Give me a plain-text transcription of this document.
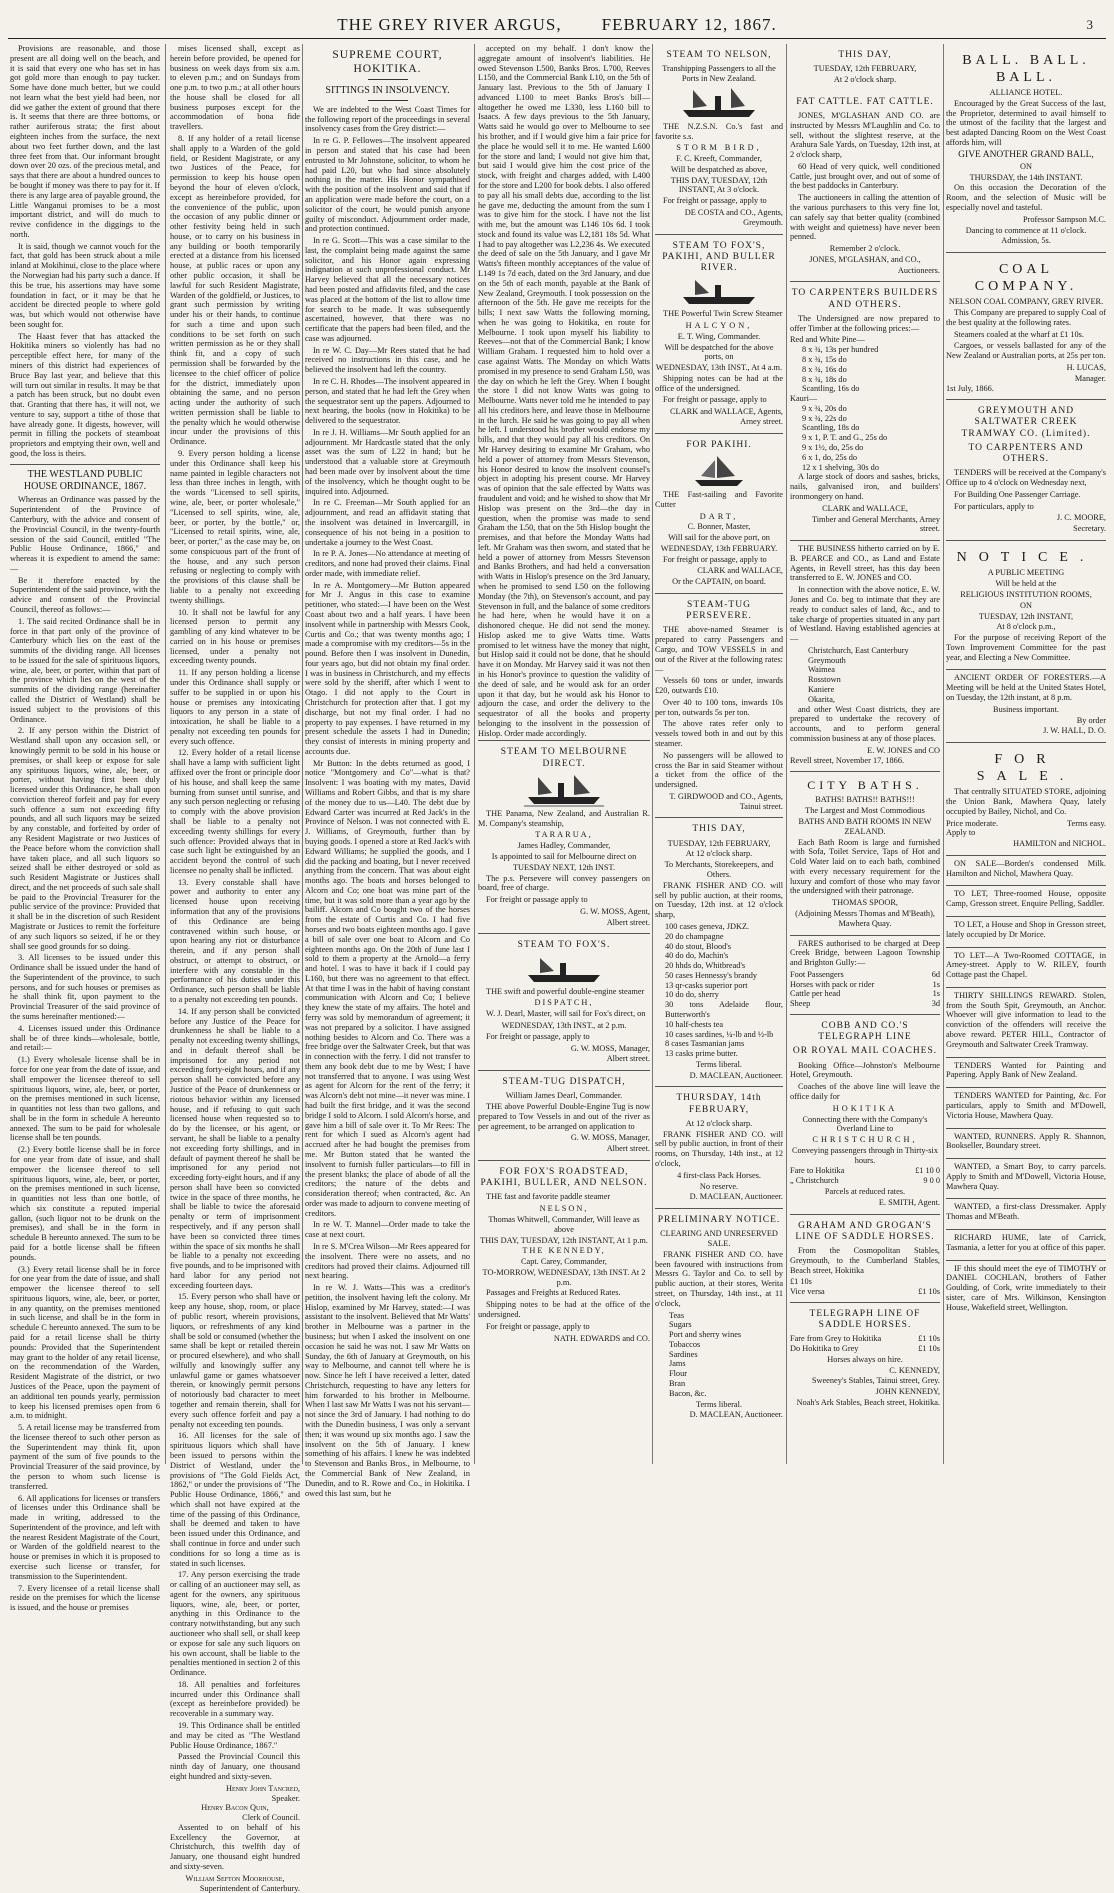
THE GREY RIVER ARGUS, FEBRUARY 12, 1867.	3

Provisions are reasonable, and those present are all doing well on the beach, and it is said that every one who has set in has got gold more than enough to pay tucker. Some have done much better, but we could not learn what the best yield had been, nor did we gather the extent of ground that there is. It seems that there are three bottoms, or rather auriferous strata; the first about eighteen inches from the surface, the next about two feet further down, and the last three feet from that. Our informant brought down over 20 ozs. of the precious metal, and says that there are about a hundred ounces to be bought if money was there to pay for it. If there is any large area of payable ground, the Little Wanganui promises to be a most important district, and will do much to revive confidence in the diggings to the north.

It is said, though we cannot vouch for the fact, that gold has been struck about a mile inland at Mokihinui, close to the place where the Norwegian had his party such a dance. If this be true, his assertions may have some foundation in fact, or it may be that he accident be directed people to where gold was, but which would not otherwise have been sought for.

The Haast fever that has attacked the Hokitika miners so violently has had no perceptible effect here, for many of the miners of this district had experiences of Bruce Bay last year, and believe that this will turn out similar in results. It may be that a patch has been struck, but no doubt even that. Granting that there has, it will not, we venture to say, support a tithe of those that have already gone. It digests, however, will permit in filling the pockets of steamboat proprietors and emptying their own, well and good, the loss is theirs.

THE WESTLAND PUBLIC HOUSE ORDINANCE, 1867.

Whereas an Ordinance was passed by the Superintendent of the Province of Canterbury, with the advice and consent of the Provincial Council, in the twenty-fourth session of the said Council, entitled "The Public House Ordinance, 1866," and whereas it is expedient to amend the same:—

Be it therefore enacted by the Superintendent of the said province, with the advice and consent of the Provincial Council, thereof as follows:—

1. The said recited Ordinance shall be in force in that part only of the province of Canterbury which lies on the east of the summits of the dividing range. All licenses to be issued for the sale of spirituous liquors, wine, ale, beer, or porter, within that part of the province which lies on the west of the summits of the dividing range (hereinafter called the District of Westland) shall be issued subject to the provisions of this Ordinance.

2. If any person within the District of Westland shall upon any occasion sell, or knowingly permit to be sold in his house or premises, or shall keep or expose for sale any spirituous liquors, wine, ale, beer, or porter, without having first been duly licensed under this Ordinance, he shall upon conviction thereof forfeit and pay for every such offence a sum not exceeding fifty pounds, and all such liquors may be seized by any constable, and forfeited by order of any Resident Magistrate or two Justices of the Peace before whom the conviction shall have taken place, and all such liquors so seized shall be either destroyed or sold as such Resident Magistrate or Justices shall direct, and the net proceeds of such sale shall be paid to the Provincial Treasurer for the public service of the province: Provided that it shall be in the discretion of such Resident Magistrate or Justices to remit the forfeiture of any such liquors so seized, if he or they shall see good grounds for so doing.

3. All licenses to be issued under this Ordinance shall be issued under the hand of the Superintendent of the province, to such persons, and for such houses or premises as he shall think fit, upon payment to the Provincial Treasurer of the said province of the sums hereinafter mentioned:—

4. Licenses issued under this Ordinance shall be of three kinds—wholesale, bottle, and retail:—

(1.) Every wholesale license shall be in force for one year from the date of issue, and shall empower the licensee thereof to sell spirituous liquors, wine, ale, beer, or porter, on the premises mentioned in such license, in quantities not less than two gallons, and shall be in the form in schedule A hereunto annexed. The sum to be paid for wholesale license shall be ten pounds.

(2.) Every bottle license shall be in force for one year from date of issue, and shall empower the licensee thereof to sell spirituous liquors, wine, ale, beer, or porter, on the premises mentioned in such license, in quantities not less than one bottle, of which six constitute a reputed imperial gallon, (such liquor not to be drunk on the premises), and shall be in the form in schedule B hereunto annexed. The sum to be paid for a bottle license shall be fifteen pounds.

(3.) Every retail license shall be in force for one year from the date of issue, and shall empower the licensee thereof to sell spirituous liquors, wine, ale, beer, or porter, in any quantity, on the premises mentioned in such license, and shall be in the form in schedule C hereunto annexed. The sum to be paid for a retail license shall be thirty pounds: Provided that the Superintendent may grant to the holder of any retail license, on the recommendation of the Warden, Resident Magistrate of the district, or two Justices of the Peace, upon the payment of an additional ten pounds yearly, permission to keep his licensed premises open from 6 a.m. to midnight.

5. A retail license may be transferred from the licensee thereof to such other person as the Superintendent may think fit, upon payment of the sum of five pounds to the Provincial Treasurer of the said province, by the person to whom such license is transferred.

6. All applications for licenses or transfers of licenses under this Ordinance shall be made in writing, addressed to the Superintendent of the province, and left with the nearest Resident Magistrate of the Court, or Warden of the goldfield nearest to the house or premises in which it is proposed to exercise such license or transfer, for transmission to the Superintendent.

7. Every licensee of a retail license shall reside on the premises for which the license is issued, and the house or premises

mises licensed shall, except as herein before provided, be opened for business on week days from six a.m. to eleven p.m.; and on Sundays from one p.m. to two p.m.; at all other hours the house shall be closed for all business purposes except for the accommodation of bona fide travellers.

8. If any holder of a retail license shall apply to a Warden of the gold field, or Resident Magistrate, or any two Justices of the Peace, for permission to keep his house open beyond the hour of eleven o'clock, except as hereinbefore provided, for the convenience of the public, upon the occasion of any public dinner or other festivity being held in such house, or to carry on his business in any building or booth temporarily erected at a distance from his licensed house, at public races or upon any other public occasion, it shall be lawful for such Resident Magistrate, Warden of the goldfield, or Justices, to grant such permission by writing under his or their hands, to continue for such a time and upon such conditions to be set forth on such written permission as he or they shall think fit, and a copy of such permission shall be forwarded by the licensee to the chief officer of police for the district, immediately upon obtaining the same, and no person acting under the authority of such written permission shall be liable to the penalty which he would otherwise incur under the provisions of this Ordinance.

9. Every person holding a license under this Ordinance shall keep his name painted in legible characters not less than three inches in length, with the words "Licensed to sell spirits, wine, ale, beer, or porter wholesale," "Licensed to sell spirits, wine, ale, beer, or porter, by the bottle," or, "Licensed to retail spirits, wine, ale, beer, or porter," as the case may be, on some conspicuous part of the front of the house, and any such person refusing or neglecting to comply with the provisions of this clause shall be liable to a penalty not exceeding twenty shillings.

10. It shall not be lawful for any licensed person to permit any gambling of any kind whatever to be carried on in his house or premises licensed, under a penalty not exceeding twenty pounds.

11. If any person holding a license under this Ordinance shall supply or suffer to be supplied in or upon his house or premises any intoxicating liquors to any person in a state of intoxication, he shall be liable to a penalty not exceeding ten pounds for every such offence.

12. Every holder of a retail license shall have a lamp with sufficient light affixed over the front or principle door of his house, and shall keep the same burning from sunset until sunrise, and any such person neglecting or refusing to comply with the above provision shall be liable to a penalty not exceeding twenty shillings for every such offence: Provided always that in case such light be extinguished by an accident beyond the control of such licensee no penalty shall be inflicted.

13. Every constable shall have power and authority to enter any licensed house upon receiving information that any of the provisions of this Ordinance are being contravened within such house, or upon hearing any riot or disturbance therein, and if any person shall obstruct, or attempt to obstruct, or interfere with any constable in the performance of his duties under this Ordinance, such person shall be liable to a penalty not exceeding ten pounds.

14. If any person shall be convicted before any Justice of the Peace for drunkenness he shall be liable to a penalty not exceeding twenty shillings, and in default thereof shall be imprisoned for any period not exceeding forty-eight hours, and if any person shall be convicted before any Justice of the Peace of drunkenness or riotous behavior within any licensed house, and if refusing to quit such licensed house when requested so to do by the licensee, or his agent, or servant, he shall be liable to a penalty not exceeding forty shillings, and in default of payment thereof he shall be imprisoned for any period not exceeding forty-eight hours, and if any person shall have been so convicted twice in the space of three months, he shall be liable to twice the aforesaid penalty or term of imprisonment respectively, and if any person shall have been so convicted three times within the space of six months he shall be liable to a penalty not exceeding five pounds, and to be imprisoned with hard labor for any period not exceeding fourteen days.

15. Every person who shall have or keep any house, shop, room, or place of public resort, wherein provisions, liquors, or refreshments of any kind shall be sold or consumed (whether the same shall be kept or retailed therein or procured elsewhere), and who shall wilfully and knowingly suffer any unlawful game or games whatsoever therein, or knowingly permit persons of notoriously bad character to meet together and remain therein, shall for every such offence forfeit and pay a penalty not exceeding ten pounds.

16. All licenses for the sale of spirituous liquors which shall have been issued to persons within the District of Westland, under the provisions of "The Gold Fields Act, 1862," or under the provisions of "The Public House Ordinance, 1866," and which shall not have expired at the time of the passing of this Ordinance, shall be deemed and taken to have been issued under this Ordinance, and shall continue in force and under such conditions for so long a time as is stated in such licenses.

17. Any person exercising the trade or calling of an auctioneer may sell, as agent for the owners, any spirituous liquors, wine, ale, beer, or porter, anything in this Ordinance to the contrary notwithstanding, but any such auctioneer who shall sell, or shall keep or expose for sale any such liquors on his own account, shall be liable to the penalties mentioned in section 2 of this Ordinance.

18. All penalties and forfeitures incurred under this Ordinance shall (except as hereinbefore provided) be recoverable in a summary way.

19. This Ordinance shall be entitled and may be cited as "The Westland Public House Ordinance, 1867."

Passed the Provincial Council this ninth day of January, one thousand eight hundred and sixty-seven.

Henry John Tancred,
Speaker.
Henry Bacon Quin,
Clerk of Council.

Assented to on behalf of his Excellency the Governor, at Christchurch, this twelfth day of January, one thousand eight hundred and sixty-seven.

William Sefton Moorhouse,
Superintendent of Canterbury.
SUPREME COURT, HOKITIKA.
SITTINGS IN INSOLVENCY.

We are indebted to the West Coast Times for the following report of the proceedings in several insolvency cases from the Grey district:—

In re G. P. Fellowes—The insolvent appeared in person and stated that his case had been entrusted to Mr Johnstone, solicitor, to whom he had paid L20, but who had since absolutely nothing in the matter. His Honor sympathised with the position of the insolvent and said that if an application were made before the court, on a solicitor of the court, he would punish anyone guilty of misconduct. Adjournment order made, and protection continued.

In re G. Scott—This was a case similar to the last, the complaint being made against the same solicitor, and his Honor again expressing indignation at such unprofessional conduct. Mr Harvey believed that all the necessary notices had been posted and affidavits filed, and the case was placed at the bottom of the list to allow time for search to be made. It was subsequently ascertained, however, that there was no certificate that the papers had been filed, and the case was adjourned.

In re W. C. Day—Mr Rees stated that he had received no instructions in this case, and he believed the insolvent had left the country.

In re C. H. Rhodes—The insolvent appeared in person, and stated that he had left the Grey when the sequestrator sent up the papers. Adjourned to next hearing, the books (now in Hokitika) to be delivered to the sequestrator.

In re J. H. Williams—Mr South applied for an adjournment. Mr Hardcastle stated that the only asset was the sum of L22 in hand; but he understood that a valuable store at Greymouth had been made over by insolvent about the time of the insolvency, which he thought ought to be inquired into. Adjourned.

In re C. Freeman—Mr South applied for an adjournment, and read an affidavit stating that the insolvent was detained in Invercargill, in consequence of his not being in a position to undertake a journey to the West Coast.

In re P. A. Jones—No attendance at meeting of creditors, and none had proved their claims. Final order made, with immediate relief.

In re A. Montgomery—Mr Button appeared for Mr J. Angus in this case to examine petitioner, who stated:—I have been on the West Coast about two and a half years. I have been insolvent while in partnership with Messrs Cook, Curtis and Co.; that was twenty months ago; I made a compromise with my creditors—5s in the pound. Before then I was insolvent in Dunedin, four years ago, but did not obtain my final order. I was in business in Christchurch, and my effects were sold by the sheriff, after which I went to Otago. I did not apply to the Court in Christchurch for protection after that. I got my discharge, but not my final order. I had no property to pay expenses. I have returned in my present schedule the assets I had in Dunedin; they consist of interests in mining property and accounts due.

Mr Button: In the debts returned as good, I notice "Montgomery and Co"—what is that? Insolvent: I was boating with my mates, David Williams and Robert Gibbs, and that is my share of the money due to us—L40. The debt due by Edward Carter was incurred at Red Jack's in the Province of Nelson. I was not connected with E. J. Williams, of Greymouth, further than by buying goods. I opened a store at Red Jack's with Edward Williams; he supplied the goods, and I did the packing and boating, but I never received anything from the concern. That was about eight months ago. The boats and horses belonged to Alcorn and Co; one boat was mine part of the time, but it was sold more than a year ago by the bailiff. Alcorn and Co bought two of the horses from the estate of Curtis and Co. I had five horses and two boats eighteen months ago. I gave a bill of sale over one boat to Alcorn and Co eighteen months ago. On the 20th of June last I sold to them a property at the Arnold—a ferry and hotel. I was to have it back if I could pay L160, but there was no agreement to that effect. At that time I was in the habit of having constant communication with Alcorn and Co; I believe they knew the state of my affairs. The hotel and ferry was sold by memorandum of agreement; it was not prepared by a solicitor. I have assigned nothing besides to Alcorn and Co. There was a free bridge over the Saltwater Creek, but that was in connection with the ferry. I did not transfer to them any book debt due to me by West; I have not transferred that to anyone. I was using West as agent for Alcorn for the rent of the ferry; it was Alcorn's debt not mine—it never was mine. I had built the first bridge, and it was the second bridge I sold to Alcorn. I sold Alcorn's horse, and gave him a bill of sale over it. To Mr Rees: The rent for which I sued as Alcorn's agent had accrued after he had bought the premises from me. Mr Button stated that he wanted the insolvent to furnish fuller particulars—to fill in the present blanks; the place of abode of all the creditors; the nature of the debts and consideration thereof; when contracted, &c. An order was made to adjourn to convene meeting of creditors.

In re W. T. Mannel—Order made to take the case at next court.

In re S. M'Crea Wilson—Mr Rees appeared for the insolvent. There were no assets, and no creditors had proved their claims. Adjourned till next hearing.

In re W. J. Watts—This was a creditor's petition, the insolvent having left the colony. Mr Hislop, examined by Mr Harvey, stated:—I was assistant to the insolvent. Believed that Mr Watts' brother in Melbourne was a partner in the business; but when I asked the insolvent on one occasion he said he was not. I saw Mr Watts on Sunday, the 6th of January at Greymouth, on his way to Melbourne, and cannot tell where he is now. Since he left I have received a letter, dated Christchurch, requesting to have any letters for him forwarded to his brother in Melbourne. When I last saw Mr Watts I was not his servant—not since the 3rd of January. I had nothing to do with the Dunedin business, I was only a servant then; it was wound up six months ago. I saw the insolvent on the 5th of January. I knew something of his affairs. I knew he was indebted to Stevenson and Banks Bros., in Melbourne, to the Commercial Bank of New Zealand, in Dunedin, and to R. Rowe and Co., in Hokitika. I owed this last sum, but he

accepted on my behalf. I don't know the aggregate amount of insolvent's liabilities. He owed Stevenson L500, Banks Bros. L700, Reeves L150, and the Commercial Bank L10, on the 5th of January last. Previous to the 5th of January I advanced L100 to meet Banks Bros's bill—altogether he owed me L330, less L160 bill to Isaacs. A few days previous to the 5th January, Watts said he would go over to Melbourne to see his brother, and if I would give him a fair price for the place he would sell it to me. He wanted L600 for the store and land; I would not give him that, but said I would give him the cost price of the stock, with freight and charges added, with L400 for the store and L200 for book debts. I also offered to pay all his small debts due, according to the list he gave me, deducting the amount from the sum I was to give him for the stock. I have not the list with me, but the amount was L146 10s 6d. I took stock and found its value was L2,181 18s 5d. What I had to pay altogether was L2,236 4s. We executed the deed of sale on the 5th January, and I gave Mr Watts's fifteen monthly acceptances of the value of L149 1s 7d each, dated on the 3rd January, and due on the 5th of each month, payable at the Bank of New Zealand, Greymouth. I took possession on the afternoon of the 5th. He gave me receipts for the bills; I next saw Watts the following morning, when he was going to Hokitika, en route for Melbourne. I took upon myself his liability to Reeves—not that of the Commercial Bank; I know William Graham. I requested him to hold over a case against Watts. The Monday on which Watts promised in my presence to send Graham L50, was the day on which he left the Grey. When I bought the store I did not know Watts was going to Melbourne. Watts never told me he intended to pay all his creditors here, and leave those in Melbourne in the lurch. He said he was going to pay all when he left. I understood his brother would endorse my bills, and that they would pay all his creditors. On Mr Harvey desiring to examine Mr Graham, who held a power of attorney from Messrs Stevenson, his Honor desired to know the insolvent counsel's object in adopting his present course. Mr Harvey was of opinion that the sale effected by Watts was fraudulent and void; and he wished to show that Mr Hislop was present on the 3rd—the day in question, when the promise was made to send Graham the L50, that on the 5th Hislop bought the premises, and that before the Monday Watts had left. Mr Graham was then sworn, and stated that he held a power of attorney from Messrs Stevenson and Banks Brothers, and had held a conversation with Watts in Hislop's presence on the 3rd January, when he promised to send L50 on the following Monday (the 7th), on Stevenson's account, and pay Stevenson in full, and the balance of some creditors he had here, when he would have it on a dishonored cheque. He did not send the money. Hislop asked me to give Watts time. Watts promised to let witness have the money that night, but Hislop said it could not be done, that he should have it on Monday. Mr Harvey said it was not then in his Honor's province to question the validity of the deed of sale, and he would ask for an order upon it that day, but he would ask his Honor to adjourn the case, and order the delivery to the sequestrator of all the books and property belonging to the insolvent in the possession of Hislop. Order made accordingly.

STEAM TO MELBOURNE DIRECT.

THE Panama, New Zealand, and Australian R. M. Company's steamship,

TARARUA,
James Hadley, Commander,
Is appointed to sail for Melbourne direct on
TUESDAY NEXT, 12th INST.

The p.s. Persevere will convey passengers on board, free of charge.

For freight or passage apply to

G. W. MOSS, Agent,
Albert street.
STEAM TO FOX'S.

THE swift and powerful double-engine steamer

DISPATCH,

W. J. Dearl, Master, will sail for Fox's direct, on

WEDNESDAY, 13th INST., at 2 p.m.

For freight or passage, apply to

G. W. MOSS, Manager,
Albert street.
STEAM-TUG DISPATCH,
William James Dearl, Commander.

THE above Powerful Double-Engine Tug is now prepared to Tow Vessels in and out of the river as per agreement, to be arranged on application to

G. W. MOSS, Manager,
Albert street.
FOR FOX'S ROADSTEAD, PAKIHI, BULLER, AND NELSON.

THE fast and favorite paddle steamer

NELSON,
Thomas Whitwell, Commander, Will leave as above
THIS DAY, TUESDAY, 12th INSTANT, At 1 p.m.
THE KENNEDY,
Capt. Carey, Commander,
TO-MORROW, WEDNESDAY, 13th INST. At 2 p.m.

Passages and Freights at Reduced Rates.

Shipping notes to be had at the office of the undersigned.

For freight or passage, apply to

NATH. EDWARDS and CO.
STEAM TO NELSON,
Transhipping Passengers to all the Ports in New Zealand.

THE N.Z.S.N. Co.'s fast and favorite s.s.

STORM BIRD,
F. C. Kreeft, Commander,
Will be despatched as above,
THIS DAY, TUESDAY, 12th INSTANT, At 3 o'clock.

For freight or passage, apply to

DE COSTA and CO., Agents, Greymouth.
STEAM TO FOX'S, PAKIHI, AND BULLER RIVER.

THE Powerful Twin Screw Steamer

HALCYON,
E. T. Wing, Commander.
Will be despatched for the above ports, on
WEDNESDAY, 13th INST., At 4 a.m.

Shipping notes can be had at the office of the undersigned.

For freight or passage, apply to

CLARK and WALLACE, Agents, Arney street.
FOR PAKIHI.

THE Fast-sailing and Favorite Cutter

DART,
C. Bonner, Master,
Will sail for the above port, on
WEDNESDAY, 13th FEBRUARY.

For freight or passage, apply to

CLARK and WALLACE,
Or the CAPTAIN, on board.
STEAM-TUG PERSEVERE.

THE above-named Steamer is prepared to carry Passengers and Cargo, and TOW VESSELS in and out of the River at the following rates:—

Vessels 60 tons or under, inwards £20, outwards £10.

Over 40 to 100 tons, inwards 10s per ton, outwards 5s per ton.

The above rates refer only to vessels towed both in and out by this steamer.

No passengers will be allowed to cross the Bar in said Steamer without a ticket from the office of the undersigned.

T. GIRDWOOD and CO., Agents, Tainui street.
THIS DAY,
TUESDAY, 12th FEBRUARY,
At 12 o'clock sharp.
To Merchants, Storekeepers, and Others.

FRANK FISHER AND CO. will sell by public auction, at their rooms, on Tuesday, 12th inst. at 12 o'clock sharp,

100 cases geneva, JDKZ.
20 do champagne
40 do stout, Blood's
40 do do, Machin's
20 hhds do, Whitbread's
50 cases Hennessy's brandy
13 qr-casks superior port
10 do do, sherry
30 tons Adelaide flour, Butterworth's
10 half-chests tea
10 cases sardines, ¼-lb and ½-lb
8 cases Tasmanian jams
13 casks prime butter.
Terms liberal.
D. MACLEAN, Auctioneer.
THURSDAY, 14th FEBRUARY,
At 12 o'clock sharp.

FRANK FISHER AND CO. will sell by public auction, in front of their rooms, on Thursday, 14th inst., at 12 o'clock,

4 first-class Pack Horses.
No reserve.
D. MACLEAN, Auctioneer.
PRELIMINARY NOTICE.
CLEARING AND UNRESERVED SALE.

FRANK FISHER AND CO. have been favoured with instructions from Messrs G. Taylor and Co. to sell by public auction, at their stores, Werita street, on Thursday, 14th inst., at 11 o'clock,

Teas
Sugars
Port and sherry wines
Tobaccos
Sardines
Jams
Flour
Bran
Bacon, &c.
Terms liberal.
D. MACLEAN, Auctioneer.
THIS DAY,
TUESDAY, 12th FEBRUARY,
At 2 o'clock sharp.
FAT CATTLE. FAT CATTLE.

JONES, M'GLASHAN AND CO. are instructed by Messrs M'Laughlin and Co. to sell, without the slightest reserve, at the Arahura Sale Yards, on Tuesday, 12th inst, at 2 o'clock sharp,

60 Head of very quick, well conditioned Cattle, just brought over, and out of some of the best paddocks in Canterbury.

The auctioneers in calling the attention of the various purchasers to this very fine lot, can safely say that better quality (combined with weight and quietness) have never been penned.

Remember 2 o'clock.
JONES, M'GLASHAN, and CO.,
Auctioneers.
TO CARPENTERS BUILDERS AND OTHERS.

The Undersigned are now prepared to offer Timber at the following prices:—

Red and White Pine—
8 x ¾, 13s per hundred
8 x ¾, 15s do
8 x ¾, 16s do
8 x ¾, 18s do
Scantling, 16s do
Kauri—
9 x ¾, 20s do
9 x ¾, 22s do
Scantling, 18s do
9 x 1, P. T. and G., 25s do
9 x 1½, do, 25s do
6 x 1, do, 25s do
12 x 1 shelving, 30s do

A large stock of doors and sashes, bricks, nails, galvanised iron, and builders' ironmongery on hand.

CLARK and WALLACE,
Timber and General Merchants, Arney street.

THE BUSINESS hitherto carried on by E. B. PEARCE and CO., as Land and Estate Agents, in Revell street, has this day been transferred to E. W. JONES and CO.

In connection with the above notice, E. W. Jones and Co. beg to intimate that they are ready to conduct sales of land, &c., and to take charge of properties situated in any part of Westland. Having established agencies at—

Christchurch, East Canterbury
Greymouth
Waimea
Rosstown
Kaniere
Okarita,

and other West Coast districts, they are prepared to undertake the recovery of accounts, and to perform general commission business at any of those places.

E. W. JONES and CO
Revell street, November 17, 1866.
CITY BATHS.
BATHS! BATHS!! BATHS!!!
The Largest and Most Commodious
BATHS AND BATH ROOMS IN NEW ZEALAND.

Each Bath Room is large and furnished with Sofa, Toilet Service, Taps of Hot and Cold Water laid on to each bath, combined with every necessary requirement for the luxury and comfort of those who may favor the undersigned with their patronage.

THOMAS SPOOR,
(Adjoining Messrs Thomas and M'Beath), Mawhera Quay.

FARES authorised to be charged at Deep Creek Bridge, between Lagoon Township and Brighton Gully:—

Foot Passengers	6d
Horses with pack or rider	1s
Cattle per head	1s
Sheep	3d
COBB AND CO.'S TELEGRAPH LINE
OR ROYAL MAIL COACHES.

Booking Office—Johnston's Melbourne Hotel, Greymouth.

Coaches of the above line will leave the office daily for

HOKITIKA
Connecting there with the Company's Overland Line to
CHRISTCHURCH,
Conveying passengers through in Thirty-six hours.
Fare to Hokitika	£1 10 0
„ Christchurch	9 0 0
Parcels at reduced rates.
E. SMITH, Agent.
GRAHAM AND GROGAN'S LINE OF SADDLE HORSES.

From the Cosmopolitan Stables, Greymouth, to the Cumberland Stables, Beach street, Hokitika

£1 10s
Vice versa	£1 10s
TELEGRAPH LINE OF SADDLE HORSES.
Fare from Grey to Hokitika	£1 10s
Do Hokitika to Grey	£1 10s
Horses always on hire.
C. KENNEDY,
Sweeney's Stables, Tainui street, Grey.
JOHN KENNEDY,
Noah's Ark Stables, Beach street, Hokitika.
BALL. BALL. BALL.
ALLIANCE HOTEL.

Encouraged by the Great Success of the last, the Proprietor, determined to avail himself to the utmost of the facility that the largest and best adapted Dancing Room on the West Coast affords him, will

GIVE ANOTHER GRAND BALL,
ON
THURSDAY, the 14th INSTANT.

On this occasion the Decoration of the Room, and the selection of Music will be especially novel and tasteful.

Professor Sampson M.C.
Dancing to commence at 11 o'clock.
Admission, 5s.
COAL COMPANY.
NELSON COAL COMPANY, GREY RIVER.

This Company are prepared to supply Coal of the best quality at the following rates.

Steamers coaled at the wharf at £1 10s.

Cargoes, or vessels ballasted for any of the New Zealand or Australian ports, at 25s per ton.

H. LUCAS,
Manager.
1st July, 1866.
GREYMOUTH AND SALTWATER CREEK TRAMWAY CO. (Limited).
TO CARPENTERS AND OTHERS.

TENDERS will be received at the Company's Office up to 4 o'clock on Wednesday next,

For Building One Passenger Carriage.

For particulars, apply to

J. C. MOORE,
Secretary.
NOTICE.
A PUBLIC MEETING
Will be held at the
RELIGIOUS INSTITUTION ROOMS,
ON
TUESDAY, 12th INSTANT,
At 8 o'clock p.m.,

For the purpose of receiving Report of the Town Improvement Committee for the past year, and Electing a New Committee.

ANCIENT ORDER OF FORESTERS.—A Meeting will be held at the United States Hotel, on Tuesday, the 12th instant, at 8 p.m.

Business important.
By order
J. W. HALL, D. O.
FOR SALE.

That centrally SITUATED STORE, adjoining the Union Bank, Mawhera Quay, lately occupied by Bailey, Nichol, and Co.

Price moderate.	Terms easy.
Apply to
HAMILTON and NICHOL.

ON SALE—Borden's condensed Milk. Hamilton and Nichol, Mawhera Quay.

TO LET, Three-roomed House, opposite Camp, Gresson street. Enquire Pelling, Saddler.

TO LET, a House and Shop in Gresson street, lately occupied by Dr Morice.

TO LET—A Two-Roomed COTTAGE, in Arney-street. Apply to W. RILEY, fourth Cottage past the Chapel.

THIRTY SHILLINGS REWARD. Stolen, from the South Spit, Greymouth, an Anchor. Whoever will give information to lead to the conviction of the offenders will receive the above reward. PETER HILL, Contractor of Greymouth and Saltwater Creek Tramway.

TENDERS Wanted for Painting and Papering. Apply Bank of New Zealand.

TENDERS WANTED for Painting, &c. For particulars, apply to Smith and M'Dowell, Victoria House, Mawhera Quay.

WANTED, RUNNERS. Apply R. Shannon, Bookseller, Boundary street.

WANTED, a Smart Boy, to carry parcels. Apply to Smith and M'Dowell, Victoria House, Mawhera Quay.

WANTED, a first-class Dressmaker. Apply Thomas and M'Beath.

RICHARD HUME, late of Carrick, Tasmania, a letter for you at office of this paper.

IF this should meet the eye of TIMOTHY or DANIEL COCHLAN, brothers of Father Goulding, of Cork, write immediately to their sister, care of Mrs. Wilkinson, Kensington House, Wakefield street, Wellington.
